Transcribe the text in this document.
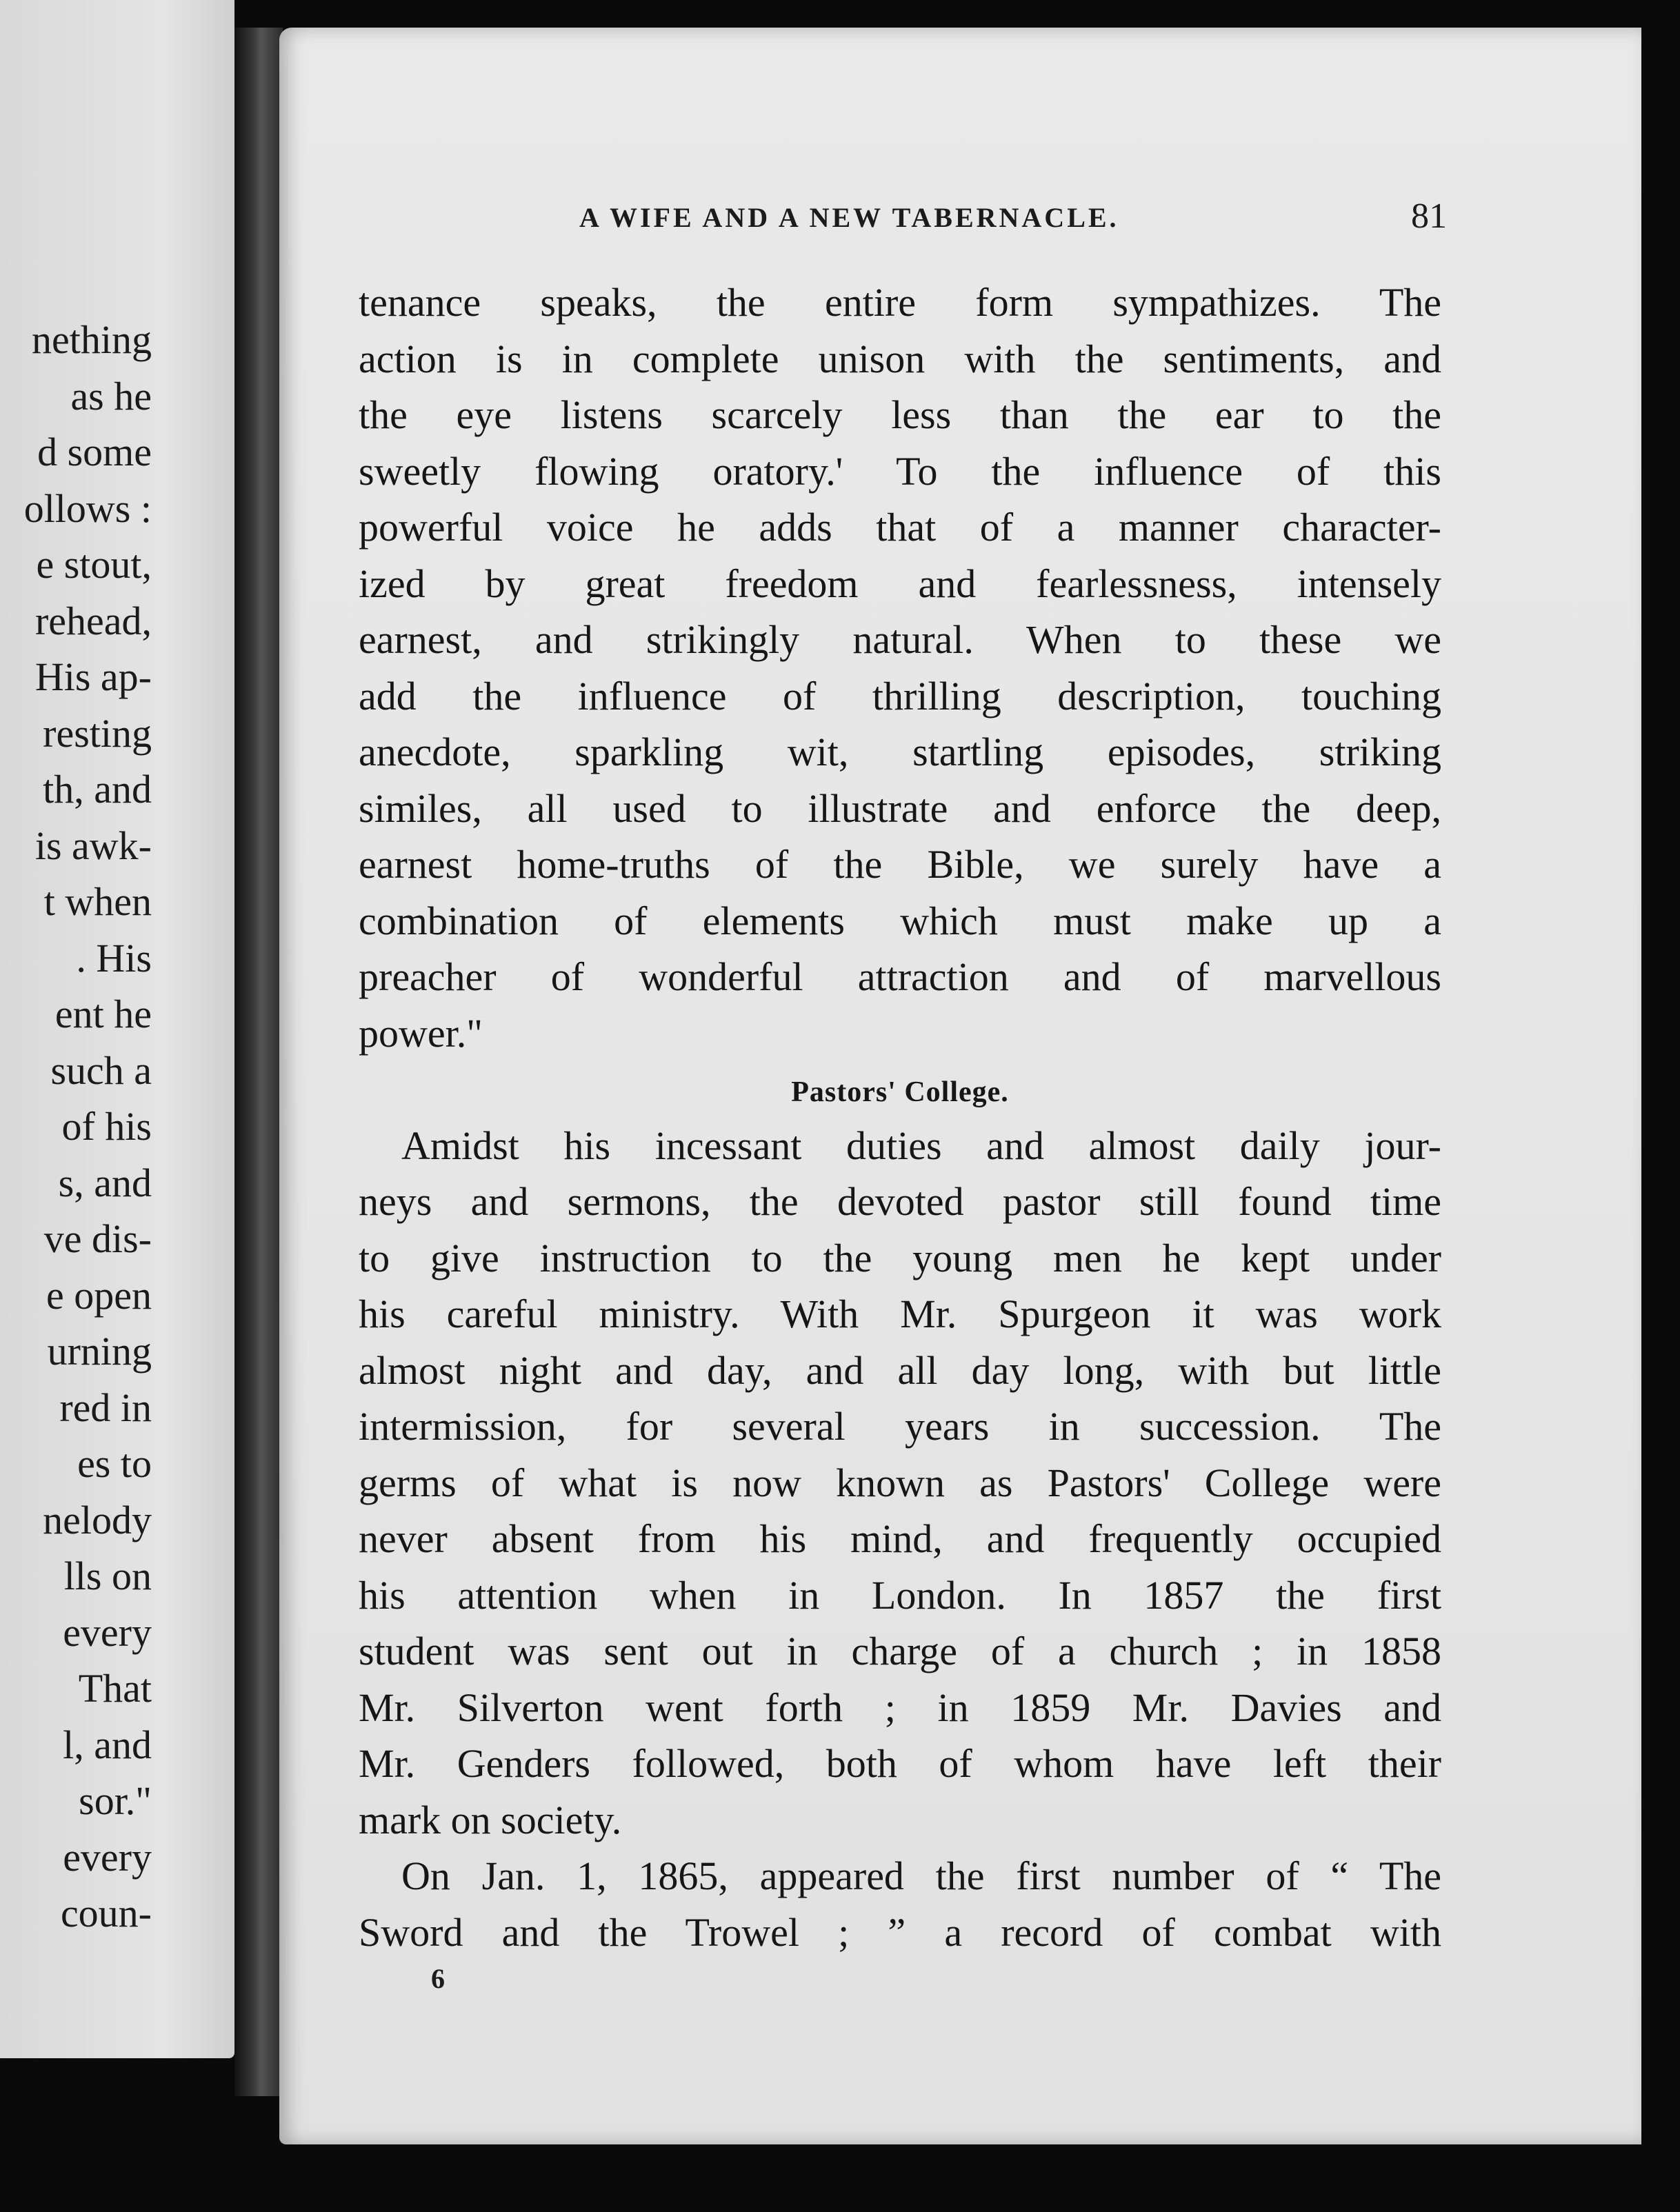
nething
as he
d some
ollows :
e stout,
rehead,
His ap-
resting
th, and
is awk-
t when
. His
ent he
such a
of his
s, and
ve dis-
e open
urning
red in
es to
nelody
lls on
every
That
l, and
sor."
every
coun-
A WIFE AND A NEW TABERNACLE.	81
tenance speaks, the entire form sympathizes. The
action is in complete unison with the sentiments, and
the eye listens scarcely less than the ear to the
sweetly flowing oratory.' To the influence of this
powerful voice he adds that of a manner character-
ized by great freedom and fearlessness, intensely
earnest, and strikingly natural. When to these we
add the influence of thrilling description, touching
anecdote, sparkling wit, startling episodes, striking
similes, all used to illustrate and enforce the deep,
earnest home-truths of the Bible, we surely have a
combination of elements which must make up a
preacher of wonderful attraction and of marvellous
power."
Pastors' College.
Amidst his incessant duties and almost daily jour-
neys and sermons, the devoted pastor still found time
to give instruction to the young men he kept under
his careful ministry. With Mr. Spurgeon it was work
almost night and day, and all day long, with but little
intermission, for several years in succession. The
germs of what is now known as Pastors' College were
never absent from his mind, and frequently occupied
his attention when in London. In 1857 the first
student was sent out in charge of a church ; in 1858
Mr. Silverton went forth ; in 1859 Mr. Davies and
Mr. Genders followed, both of whom have left their
mark on society.
On Jan. 1, 1865, appeared the first number of “ The
Sword and the Trowel ; ” a record of combat with
6
